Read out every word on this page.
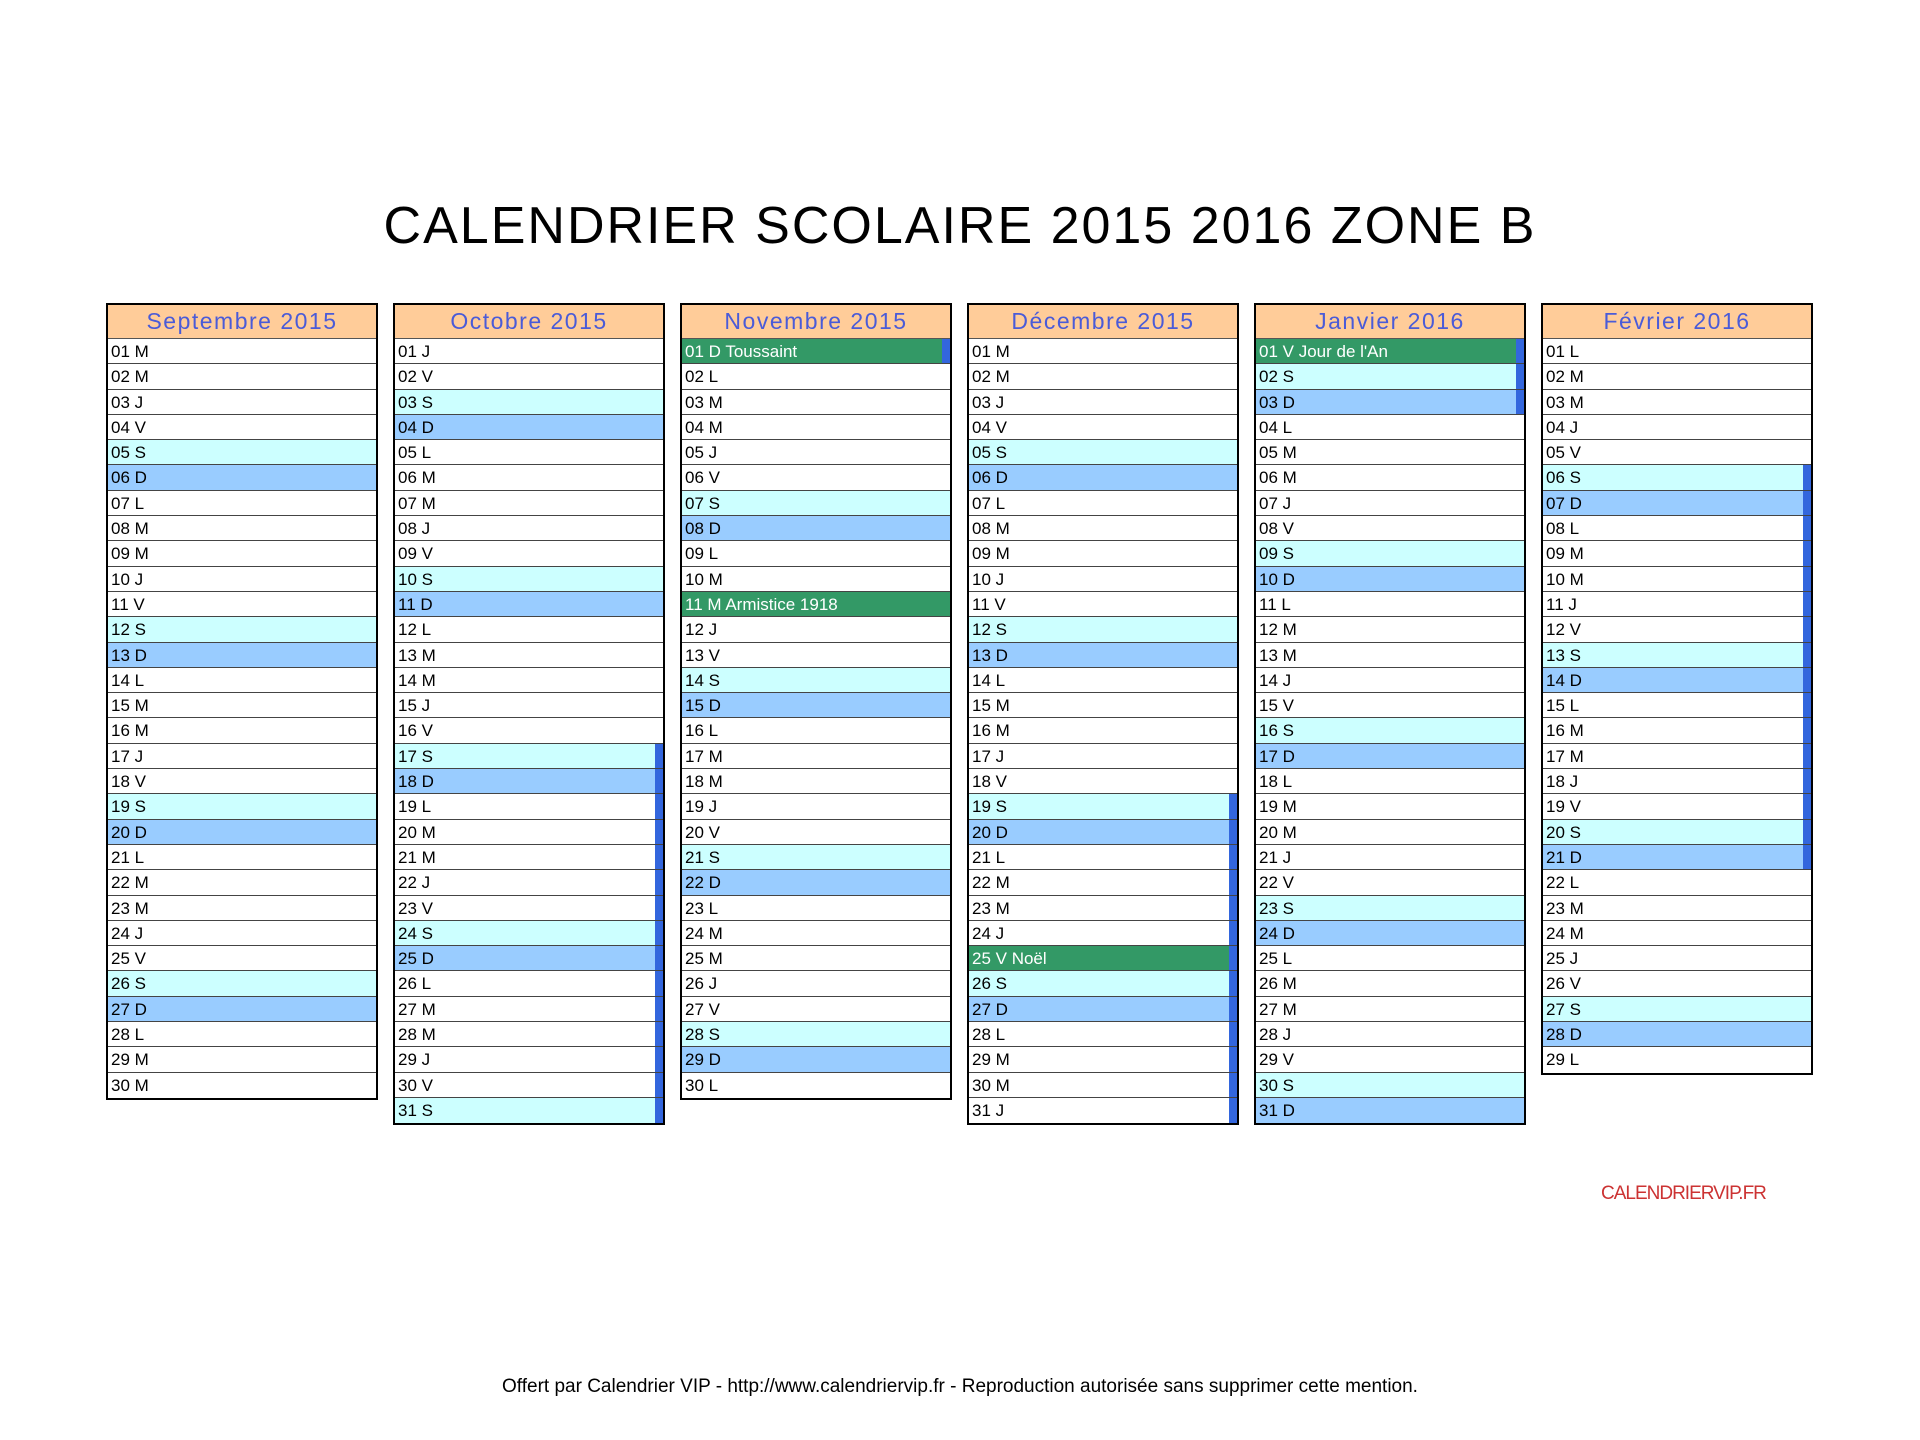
CALENDRIER SCOLAIRE 2015 2016 ZONE B
Septembre 2015
01 M
02 M
03 J
04 V
05 S
06 D
07 L
08 M
09 M
10 J
11 V
12 S
13 D
14 L
15 M
16 M
17 J
18 V
19 S
20 D
21 L
22 M
23 M
24 J
25 V
26 S
27 D
28 L
29 M
30 M
Octobre 2015
01 J
02 V
03 S
04 D
05 L
06 M
07 M
08 J
09 V
10 S
11 D
12 L
13 M
14 M
15 J
16 V
17 S
18 D
19 L
20 M
21 M
22 J
23 V
24 S
25 D
26 L
27 M
28 M
29 J
30 V
31 S
Novembre 2015
01 D Toussaint
02 L
03 M
04 M
05 J
06 V
07 S
08 D
09 L
10 M
11 M Armistice 1918
12 J
13 V
14 S
15 D
16 L
17 M
18 M
19 J
20 V
21 S
22 D
23 L
24 M
25 M
26 J
27 V
28 S
29 D
30 L
Décembre 2015
01 M
02 M
03 J
04 V
05 S
06 D
07 L
08 M
09 M
10 J
11 V
12 S
13 D
14 L
15 M
16 M
17 J
18 V
19 S
20 D
21 L
22 M
23 M
24 J
25 V Noël
26 S
27 D
28 L
29 M
30 M
31 J
Janvier 2016
01 V Jour de l'An
02 S
03 D
04 L
05 M
06 M
07 J
08 V
09 S
10 D
11 L
12 M
13 M
14 J
15 V
16 S
17 D
18 L
19 M
20 M
21 J
22 V
23 S
24 D
25 L
26 M
27 M
28 J
29 V
30 S
31 D
Février 2016
01 L
02 M
03 M
04 J
05 V
06 S
07 D
08 L
09 M
10 M
11 J
12 V
13 S
14 D
15 L
16 M
17 M
18 J
19 V
20 S
21 D
22 L
23 M
24 M
25 J
26 V
27 S
28 D
29 L
CALENDRIERVIP.FR
Offert par Calendrier VIP - http://www.calendriervip.fr - Reproduction autorisée sans supprimer cette mention.
